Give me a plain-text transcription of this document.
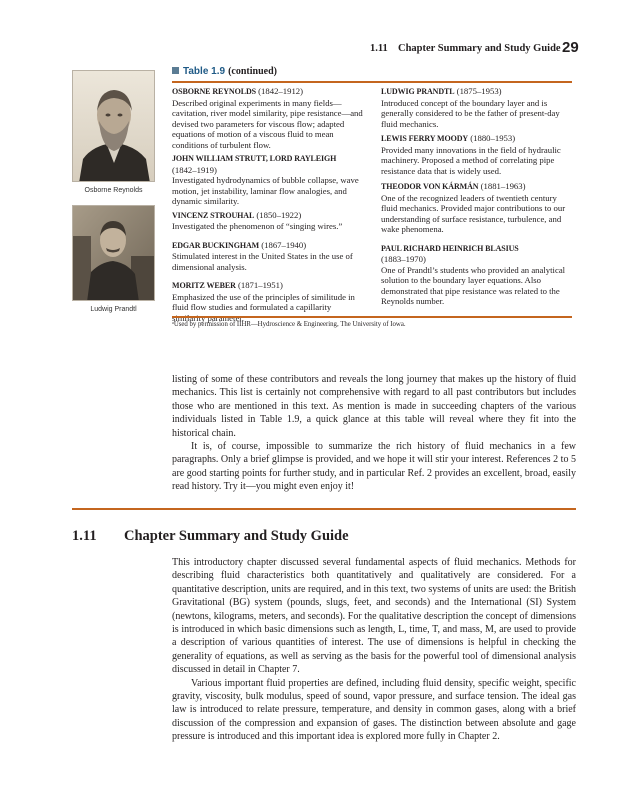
1.11 Chapter Summary and Study Guide 29
Table 1.9 (continued)
Osborne Reynolds
Ludwig Prandtl
OSBORNE REYNOLDS (1842–1912)
Described original experiments in many fields—cavitation, river model similarity, pipe resistance—and devised two parameters for viscous flow; adapted equations of motion of a viscous fluid to mean conditions of turbulent flow.
JOHN WILLIAM STRUTT, LORD RAYLEIGH
(1842–1919)
Investigated hydrodynamics of bubble collapse, wave motion, jet instability, laminar flow analogies, and dynamic similarity.
VINCENZ STROUHAL (1850–1922)
Investigated the phenomenon of “singing wires.”
EDGAR BUCKINGHAM (1867–1940)
Stimulated interest in the United States in the use of dimensional analysis.
MORITZ WEBER (1871–1951)
Emphasized the use of the principles of similitude in fluid flow studies and formulated a capillarity
LUDWIG PRANDTL (1875–1953)
Introduced concept of the boundary layer and is generally considered to be the father of present-day fluid mechanics.
LEWIS FERRY MOODY (1880–1953)
Provided many innovations in the field of hydraulic machinery. Proposed a method of correlating pipe resistance data that is widely used.
THEODOR VON KÁRMÁN (1881–1963)
One of the recognized leaders of twentieth century fluid mechanics. Provided major contributions to our understanding of surface resistance, turbulence, and wake phenomena.
PAUL RICHARD HEINRICH BLASIUS
(1883–1970)
One of Prandtl’s students who provided an analytical solution to the boundary layer equations. Also demonstrated that pipe resistance was related to the Reynolds number.
ᵃUsed by permission of IIHR—Hydroscience & Engineering, The University of Iowa.

listing of some of these contributors and reveals the long journey that makes up the history of fluid mechanics. This list is certainly not comprehensive with regard to all past contributors but includes those who are mentioned in this text. As mention is made in succeeding chapters of the various individuals listed in Table 1.9, a quick glance at this table will reveal where they fit into the historical chain.

It is, of course, impossible to summarize the rich history of fluid mechanics in a few paragraphs. Only a brief glimpse is provided, and we hope it will stir your interest. References 2 to 5 are good starting points for further study, and in particular Ref. 2 provides an excellent, broad, easily read history. Try it—you might even enjoy it!

1.11 Chapter Summary and Study Guide

This introductory chapter discussed several fundamental aspects of fluid mechanics. Methods for describing fluid characteristics both quantitatively and qualitatively are considered. For a quantitative description, units are required, and in this text, two systems of units are used: the British Gravitational (BG) system (pounds, slugs, feet, and seconds) and the International (SI) System (newtons, kilograms, meters, and seconds). For the qualitative description the concept of dimensions is introduced in which basic dimensions such as length, L, time, T, and mass, M, are used to provide a description of various quantities of interest. The use of dimensions is helpful in checking the generality of equations, as well as serving as the basis for the powerful tool of dimensional analysis discussed in detail in Chapter 7.

Various important fluid properties are defined, including fluid density, specific weight, specific gravity, viscosity, bulk modulus, speed of sound, vapor pressure, and surface tension. The ideal gas law is introduced to relate pressure, temperature, and density in common gases, along with a brief discussion of the compression and expansion of gases. The distinction between absolute and gage pressure is introduced and this important idea is explored more fully in Chapter 2.
